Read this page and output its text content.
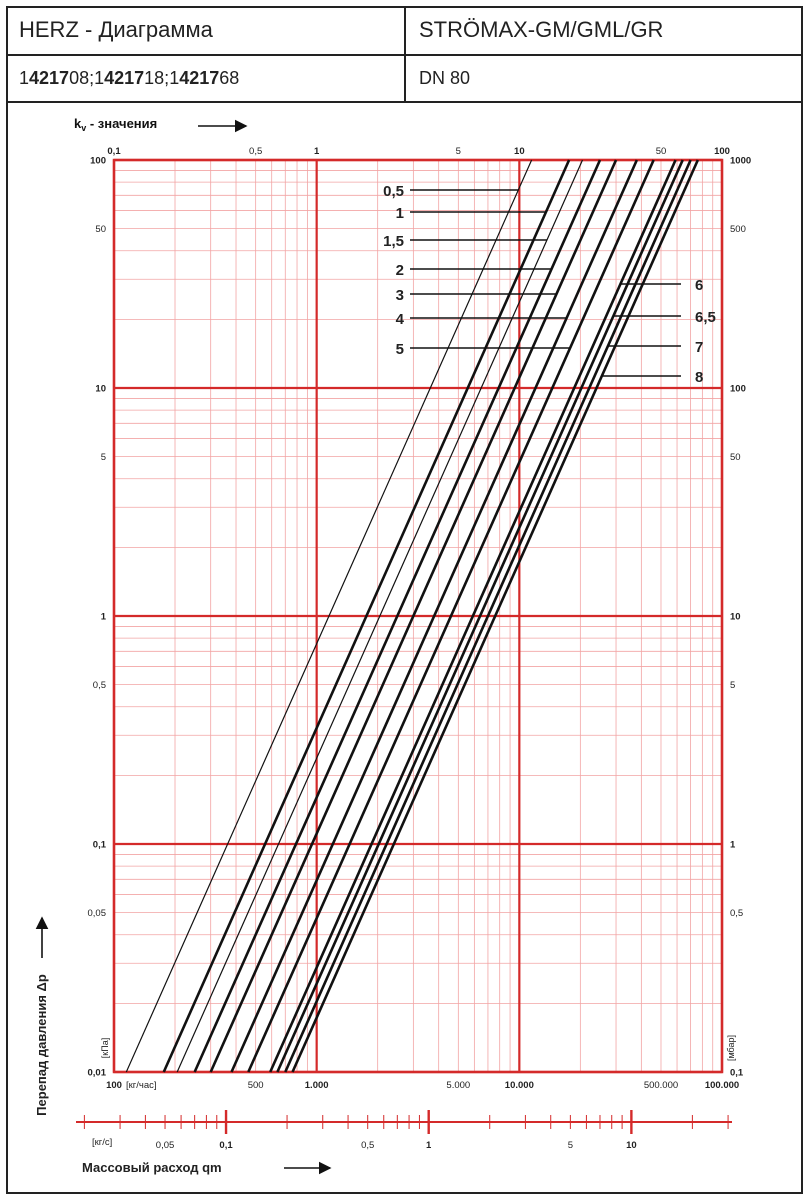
HERZ - Диаграмма	STRÖMAX-GM/GML/GR
1 4217 08; 1 4217 18; 1 4217 68	DN 80
0,1	0,5	1	5	10	50	100
$k_v$ - значения
100
50
10
5
1
0,5
0,1
0,05
0,01
1000
500
100
50
10
5
1
0,5
0,1
[кПа]	[мбар]
Перепад давления Δp	100	500	1.000	5.000	10.000	500.000	100.000
[кг/час]
0,05	0,1	0,5	1	5	10
[кг/с]
Массовый расход qm
0,5
1
1,5
2
3
4
5
6
6,5
7
8
